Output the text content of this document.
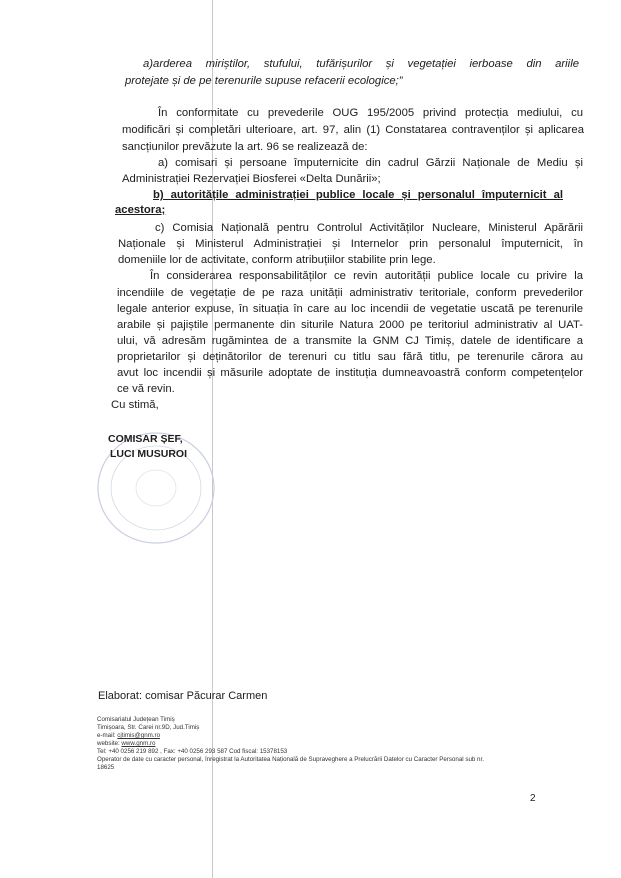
a)arderea miriștilor, stufului, tufărișurilor și vegetației ierboase din ariile

protejate și de pe terenurile supuse refacerii ecologice;”

În conformitate cu prevederile OUG 195/2005 privind protecția mediului, cu

modificări și completări ulterioare, art. 97, alin (1) Constatarea contravenților și aplicarea

sancțiunilor prevăzute la art. 96 se realizează de:

a) comisari și persoane împuternicite din cadrul Gărzii Naționale de Mediu și

Administrației Rezervației Biosferei «Delta Dunării»;

b) autoritățile administrației publice locale și personalul împuternicit al

acestora;

c) Comisia Națională pentru Controlul Activităților Nucleare, Ministerul Apărării

Naționale și Ministerul Administrației și Internelor prin personalul împuternicit, în

domeniile lor de activitate, conform atribuțiilor stabilite prin lege.

În considerarea responsabilităților ce revin autorității publice locale cu privire la

incendiile de vegetație de pe raza unității administrativ teritoriale, conform prevederilor

legale anterior expuse, în situația în care au loc incendii de vegetatie uscată pe terenurile

arabile și pajiștile permanente din siturile Natura 2000 pe teritoriul administrativ al UAT-

ului, vă adresăm rugămintea de a transmite la GNM CJ Timiș, datele de identificare a

proprietarilor și deținătorilor de terenuri cu titlu sau fără titlu, pe terenurile cărora au

avut loc incendii și măsurile adoptate de instituția dumneavoastră conform competențelor

ce vă revin.

Cu stimă,

COMISAR ȘEF,

LUCI MUSUROI

Elaborat: comisar Păcurar Carmen

Comisariatul Județean Timiș
Timișoara, Str. Carei nr.9D, Jud.Timiș
e-mail: cjtimis@gnm.ro
website: www.gnm.ro
Tel: +40 0256 219 892 , Fax: +40 0256 293 587 Cod fiscal: 15378153
Operator de date cu caracter personal, înregistrat la Autoritatea Națională de Supraveghere a Prelucrării Datelor cu Caracter Personal sub nr.
18625

2
